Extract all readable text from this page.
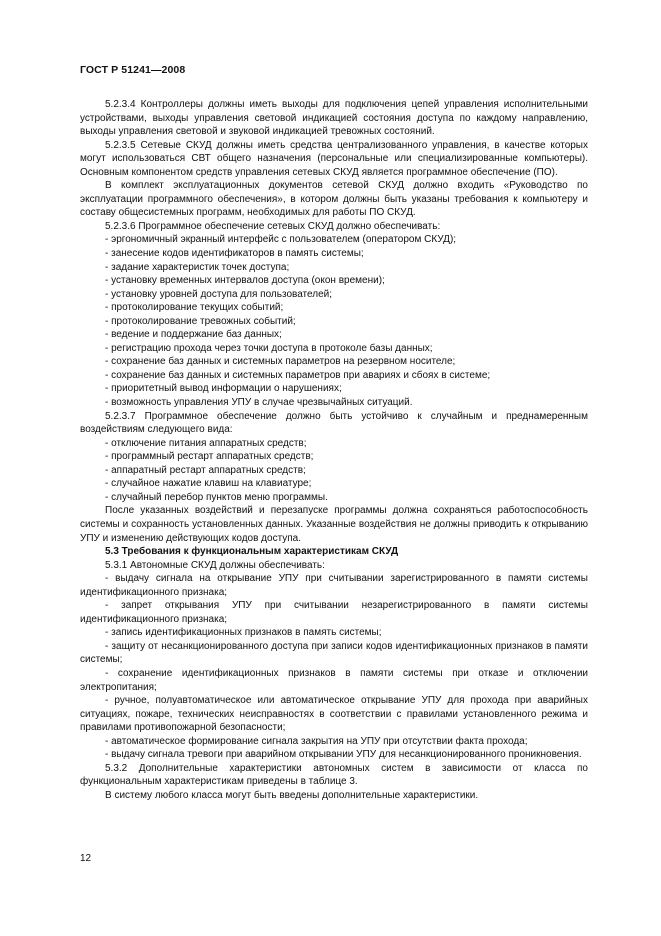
ГОСТ Р 51241—2008

5.2.3.4 Контроллеры должны иметь выходы для подключения цепей управления исполнительными устройствами, выходы управления световой индикацией состояния доступа по каждому направлению, выходы управления световой и звуковой индикацией тревожных состояний.

5.2.3.5 Сетевые СКУД должны иметь средства централизованного управления, в качестве которых могут использоваться СВТ общего назначения (персональные или специализированные компьютеры). Основным компонентом средств управления сетевых СКУД является программное обеспечение (ПО).

В комплект эксплуатационных документов сетевой СКУД должно входить «Руководство по эксплуатации программного обеспечения», в котором должны быть указаны требования к компьютеру и составу общесистемных программ, необходимых для работы ПО СКУД.

5.2.3.6 Программное обеспечение сетевых СКУД должно обеспечивать:

- эргономичный экранный интерфейс с пользователем (оператором СКУД);

- занесение кодов идентификаторов в память системы;

- задание характеристик точек доступа;

- установку временных интервалов доступа (окон времени);

- установку уровней доступа для пользователей;

- протоколирование текущих событий;

- протоколирование тревожных событий;

- ведение и поддержание баз данных;

- регистрацию прохода через точки доступа в протоколе базы данных;

- сохранение баз данных и системных параметров на резервном носителе;

- сохранение баз данных и системных параметров при авариях и сбоях в системе;

- приоритетный вывод информации о нарушениях;

- возможность управления УПУ в случае чрезвычайных ситуаций.

5.2.3.7 Программное обеспечение должно быть устойчиво к случайным и преднамеренным воздействиям следующего вида:

- отключение питания аппаратных средств;

- программный рестарт аппаратных средств;

- аппаратный рестарт аппаратных средств;

- случайное нажатие клавиш на клавиатуре;

- случайный перебор пунктов меню программы.

После указанных воздействий и перезапуске программы должна сохраняться работоспособность системы и сохранность установленных данных. Указанные воздействия не должны приводить к открыванию УПУ и изменению действующих кодов доступа.

5.3 Требования к функциональным характеристикам СКУД

5.3.1 Автономные СКУД должны обеспечивать:

- выдачу сигнала на открывание УПУ при считывании зарегистрированного в памяти системы идентификационного признака;

- запрет открывания УПУ при считывании незарегистрированного в памяти системы идентификационного признака;

- запись идентификационных признаков в память системы;

- защиту от несанкционированного доступа при записи кодов идентификационных признаков в памяти системы;

- сохранение идентификационных признаков в памяти системы при отказе и отключении электропитания;

- ручное, полуавтоматическое или автоматическое открывание УПУ для прохода при аварийных ситуациях, пожаре, технических неисправностях в соответствии с правилами установленного режима и правилами противопожарной безопасности;

- автоматическое формирование сигнала закрытия на УПУ при отсутствии факта прохода;

- выдачу сигнала тревоги при аварийном открывании УПУ для несанкционированного проникновения.

5.3.2 Дополнительные характеристики автономных систем в зависимости от класса по функциональным характеристикам приведены в таблице 3.

В систему любого класса могут быть введены дополнительные характеристики.

12
